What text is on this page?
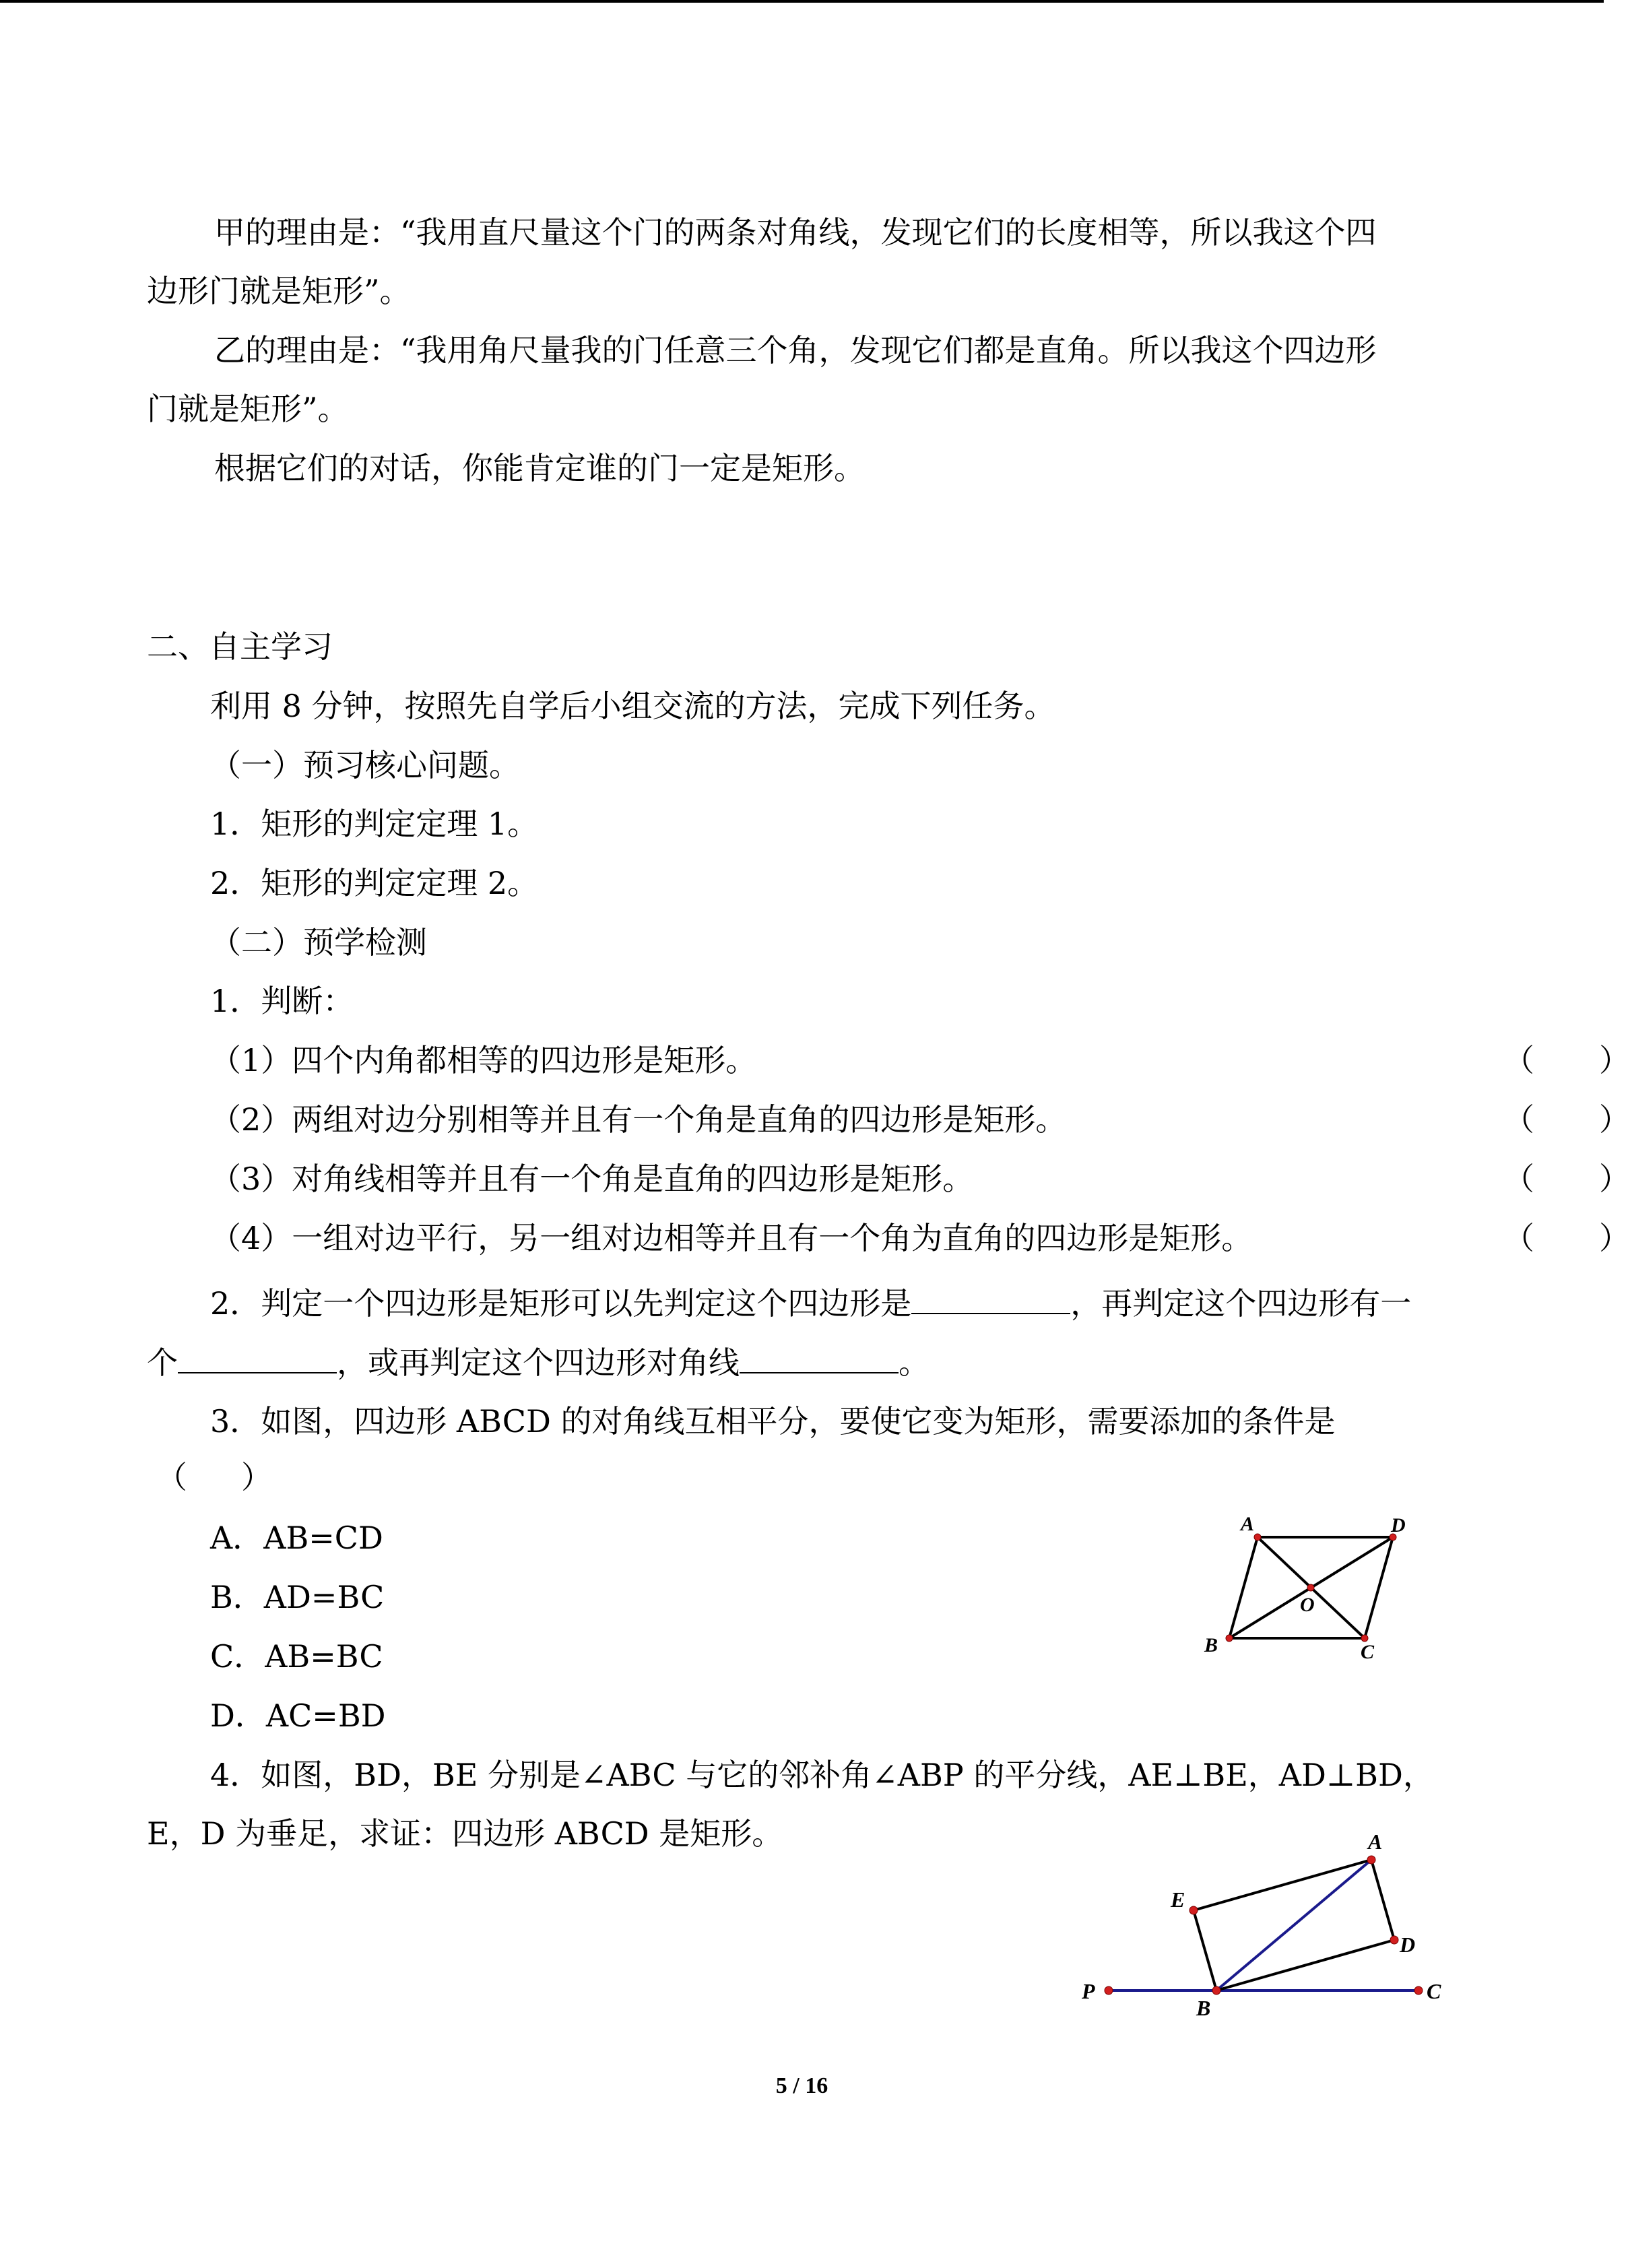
甲的理由是：“我用直尺量这个门的两条对角线，发现它们的长度相等，所以我这个四
边形门就是矩形”。
乙的理由是：“我用角尺量我的门任意三个角，发现它们都是直角。所以我这个四边形
门就是矩形”。
根据它们的对话，你能肯定谁的门一定是矩形。
二、自主学习
利用 8 分钟，按照先自学后小组交流的方法，完成下列任务。
（一）预习核心问题。
1．矩形的判定定理 1。
2．矩形的判定定理 2。
（二）预学检测
1．判断：
（1）四个内角都相等的四边形是矩形。	（ ）
（2）两组对边分别相等并且有一个角是直角的四边形是矩形。	（ ）
（3）对角线相等并且有一个角是直角的四边形是矩形。	（ ）
（4）一组对边平行，另一组对边相等并且有一个角为直角的四边形是矩形。	（ ）
2．判定一个四边形是矩形可以先判定这个四边形是	，再判定这个四边形有一
个	，或再判定这个四边形对角线	。
3．如图，四边形 ABCD 的对角线互相平分，要使它变为矩形，需要添加的条件是
（ ）
A．AB=CD
B．AD=BC
C．AB=BC
D．AC=BD
4．如图，BD，BE 分别是∠ABC 与它的邻补角∠ABP 的平分线，AE⊥BE，AD⊥BD，
E，D 为垂足，求证：四边形 ABCD 是矩形。
A	D
C
B
O
P	C
B
E
A
D
5 / 16
